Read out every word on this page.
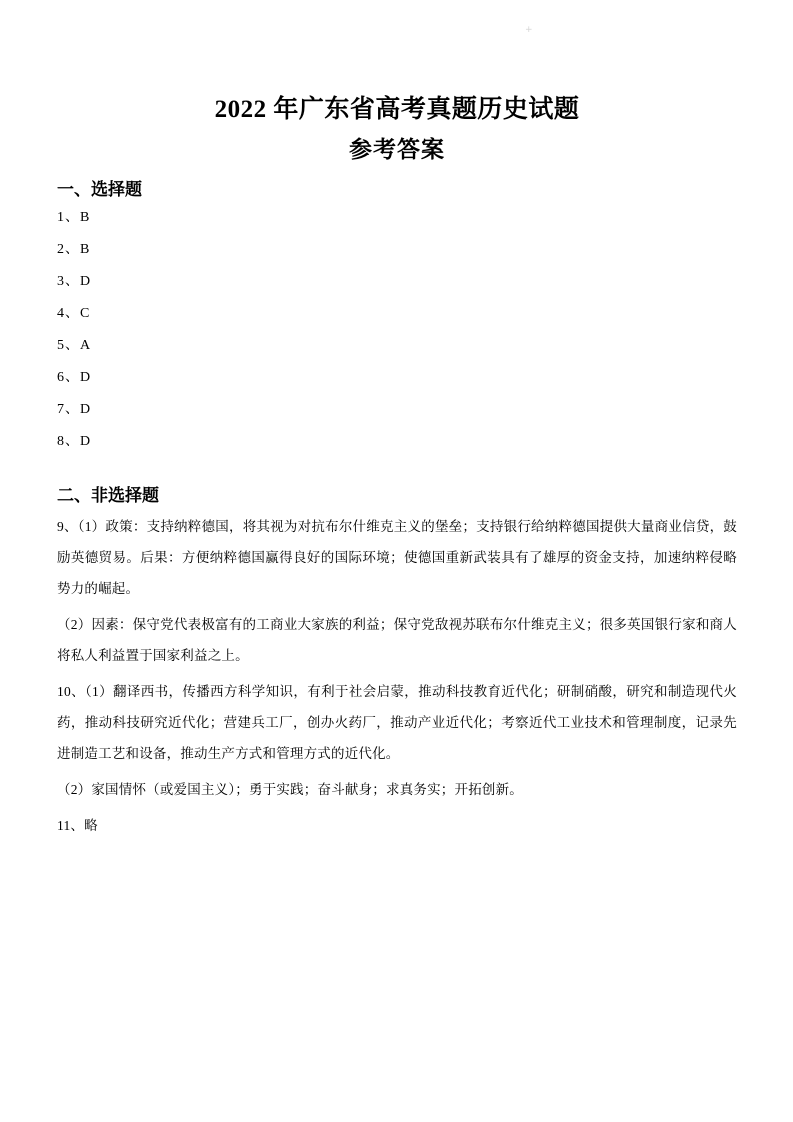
+
2022 年广东省高考真题历史试题
参考答案
一、选择题
1、B
2、B
3、D
4、C
5、A
6、D
7、D
8、D
二、非选择题

9、（1）政策：支持纳粹德国，将其视为对抗布尔什维克主义的堡垒；支持银行给纳粹德国提供大量商业信贷，鼓励英德贸易。后果：方便纳粹德国赢得良好的国际环境；使德国重新武装具有了雄厚的资金支持，加速纳粹侵略势力的崛起。

（2）因素：保守党代表极富有的工商业大家族的利益；保守党敌视苏联布尔什维克主义；很多英国银行家和商人将私人利益置于国家利益之上。

10、（1）翻译西书，传播西方科学知识，有利于社会启蒙，推动科技教育近代化；研制硝酸，研究和制造现代火药，推动科技研究近代化；营建兵工厂，创办火药厂，推动产业近代化；考察近代工业技术和管理制度，记录先进制造工艺和设备，推动生产方式和管理方式的近代化。

（2）家国情怀（或爱国主义）；勇于实践；奋斗献身；求真务实；开拓创新。

11、略
